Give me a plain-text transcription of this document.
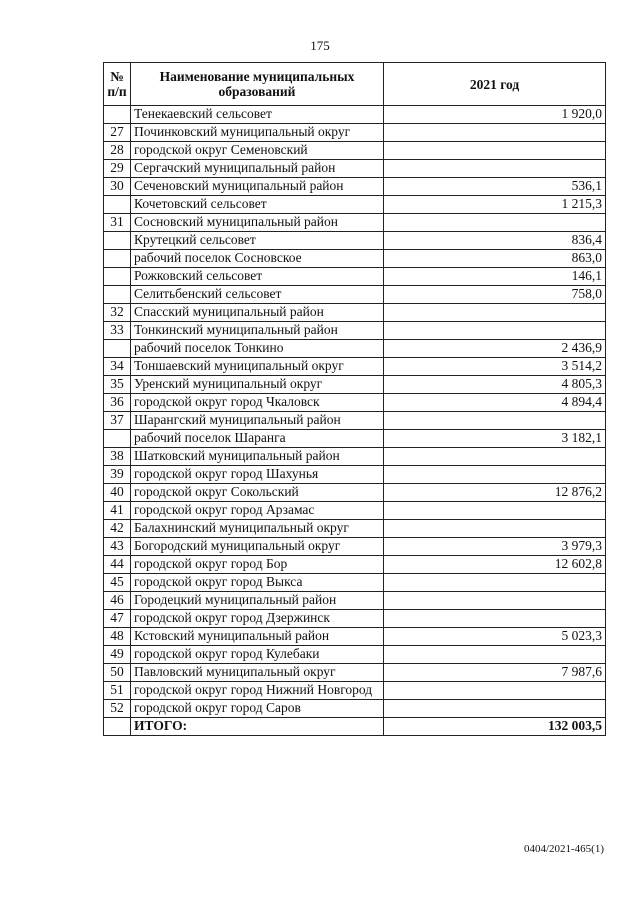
175
№
п/п	Наименование муниципальных образований	2021 год
	Тенекаевский сельсовет	1 920,0
27	Починковский муниципальный округ	
28	городской округ Семеновский	
29	Сергачский муниципальный район	
30	Сеченовский муниципальный район	536,1
	Кочетовский сельсовет	1 215,3
31	Сосновский муниципальный район	
	Крутецкий сельсовет	836,4
	рабочий поселок Сосновское	863,0
	Рожковский сельсовет	146,1
	Селитьбенский сельсовет	758,0
32	Спасский муниципальный район	
33	Тонкинский муниципальный район	
	рабочий поселок Тонкино	2 436,9
34	Тоншаевский муниципальный округ	3 514,2
35	Уренский муниципальный округ	4 805,3
36	городской округ город Чкаловск	4 894,4
37	Шарангский муниципальный район	
	рабочий поселок Шаранга	3 182,1
38	Шатковский муниципальный район	
39	городской округ город Шахунья	
40	городской округ Сокольский	12 876,2
41	городской округ город Арзамас	
42	Балахнинский муниципальный округ	
43	Богородский муниципальный округ	3 979,3
44	городской округ город Бор	12 602,8
45	городской округ город Выкса	
46	Городецкий муниципальный район	
47	городской округ город Дзержинск	
48	Кстовский муниципальный район	5 023,3
49	городской округ город Кулебаки	
50	Павловский муниципальный округ	7 987,6
51	городской округ город Нижний Новгород	
52	городской округ город Саров	
	ИТОГО:	132 003,5
0404/2021-465(1)
